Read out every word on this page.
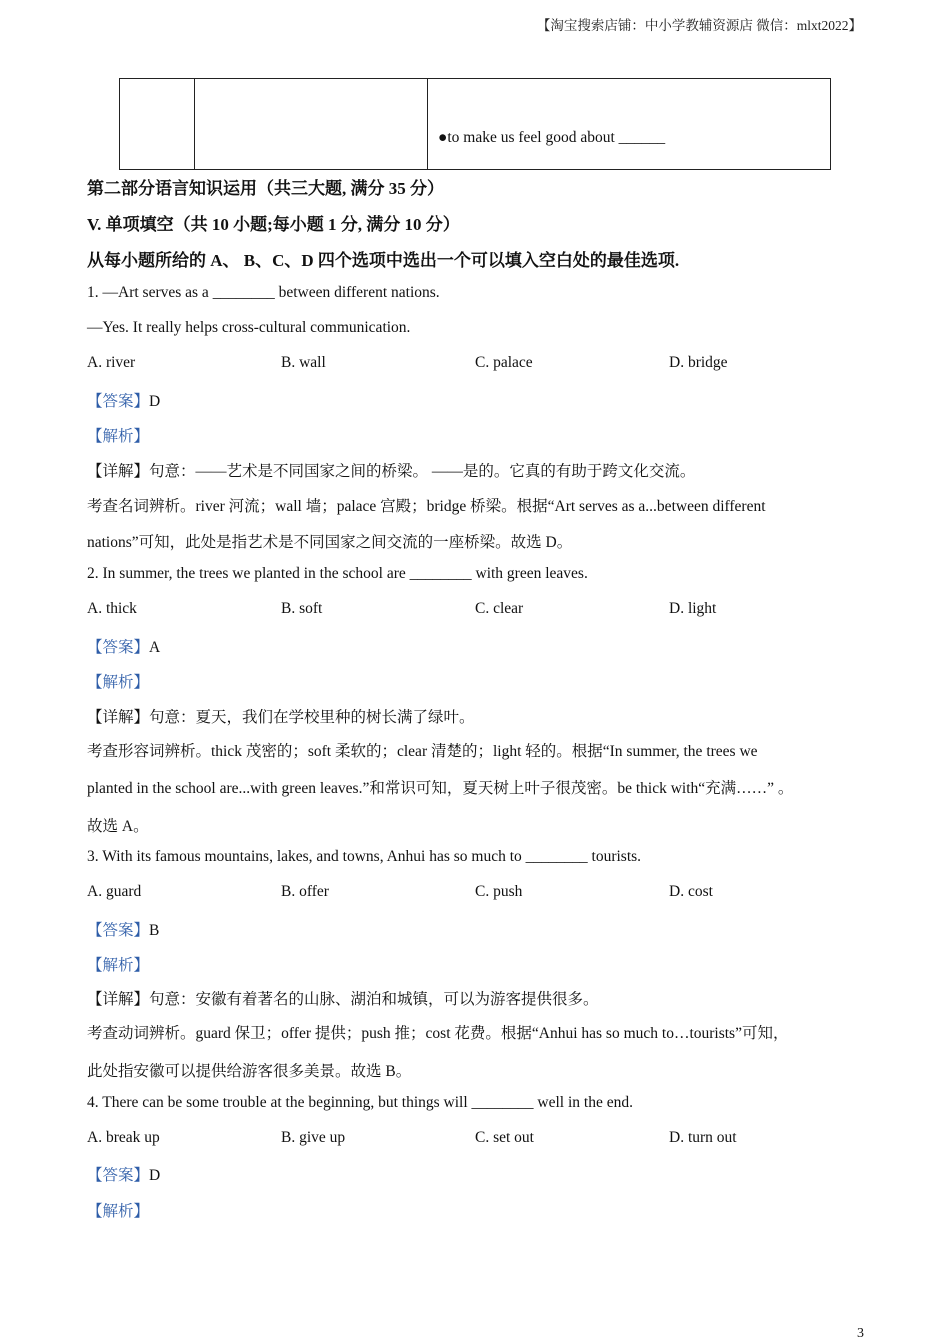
【淘宝搜索店铺：中小学教辅资源店 微信：mlxt2022】

●to make us feel good about ______
第二部分语言知识运用（共三大题, 满分 35 分）
V. 单项填空（共 10 小题;每小题 1 分, 满分 10 分）
从每小题所给的 A、 B、C、D 四个选项中选出一个可以填入空白处的最佳选项.
1. —Art serves as a ________ between different nations.
—Yes. It really helps cross-cultural communication.
A. river	B. wall	C. palace	D. bridge
【答案】D
【解析】
【详解】句意：——艺术是不同国家之间的桥梁。 ——是的。它真的有助于跨文化交流。
考查名词辨析。river 河流；wall 墙；palace 宫殿；bridge 桥梁。根据“Art serves as a...between different
nations”可知，此处是指艺术是不同国家之间交流的一座桥梁。故选 D。
2. In summer, the trees we planted in the school are ________ with green leaves.
A. thick	B. soft	C. clear	D. light
【答案】A
【解析】
【详解】句意：夏天，我们在学校里种的树长满了绿叶。
考查形容词辨析。thick 茂密的；soft 柔软的；clear 清楚的；light 轻的。根据“In summer, the trees we
planted in the school are...with green leaves.”和常识可知，夏天树上叶子很茂密。be thick with“充满……” 。
故选 A。
3. With its famous mountains, lakes, and towns, Anhui has so much to ________ tourists.
A. guard	B. offer	C. push	D. cost
【答案】B
【解析】
【详解】句意：安徽有着著名的山脉、湖泊和城镇，可以为游客提供很多。
考查动词辨析。guard 保卫；offer 提供；push 推；cost 花费。根据“Anhui has so much to…tourists”可知，
此处指安徽可以提供给游客很多美景。故选 B。
4. There can be some trouble at the beginning, but things will ________ well in the end.
A. break up	B. give up	C. set out	D. turn out
【答案】D
【解析】
3
